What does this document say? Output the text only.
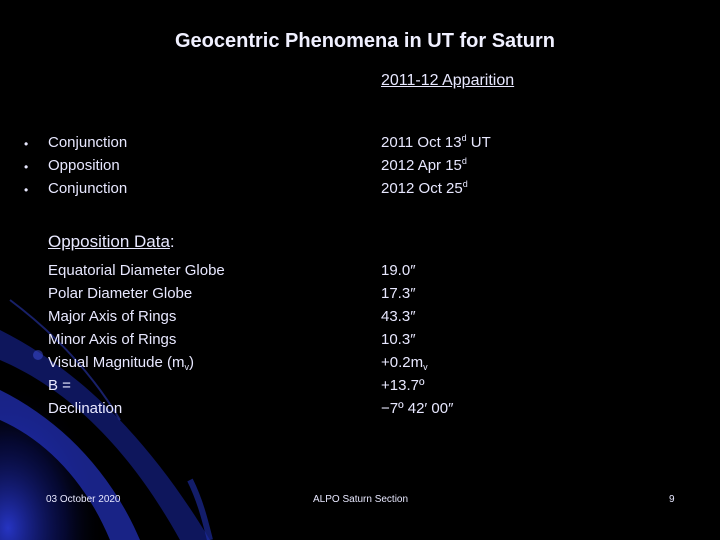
Geocentric Phenomena in UT for Saturn
2011-12 Apparition
• Conjunction
• Opposition
• Conjunction
2011 Oct 13$^d$ UT
2012 Apr 15$^d$
2012 Oct 25$^d$
Opposition Data:
Equatorial Diameter Globe
Polar Diameter Globe
Major Axis of Rings
Minor Axis of Rings
Visual Magnitude $(m_v)$
B =
Declination
19.0″
17.3″
43.3″
10.3″
$+0.2m_v$
+13.7º
−7º 42′ 00″
03 October 2020	ALPO Saturn Section	9
